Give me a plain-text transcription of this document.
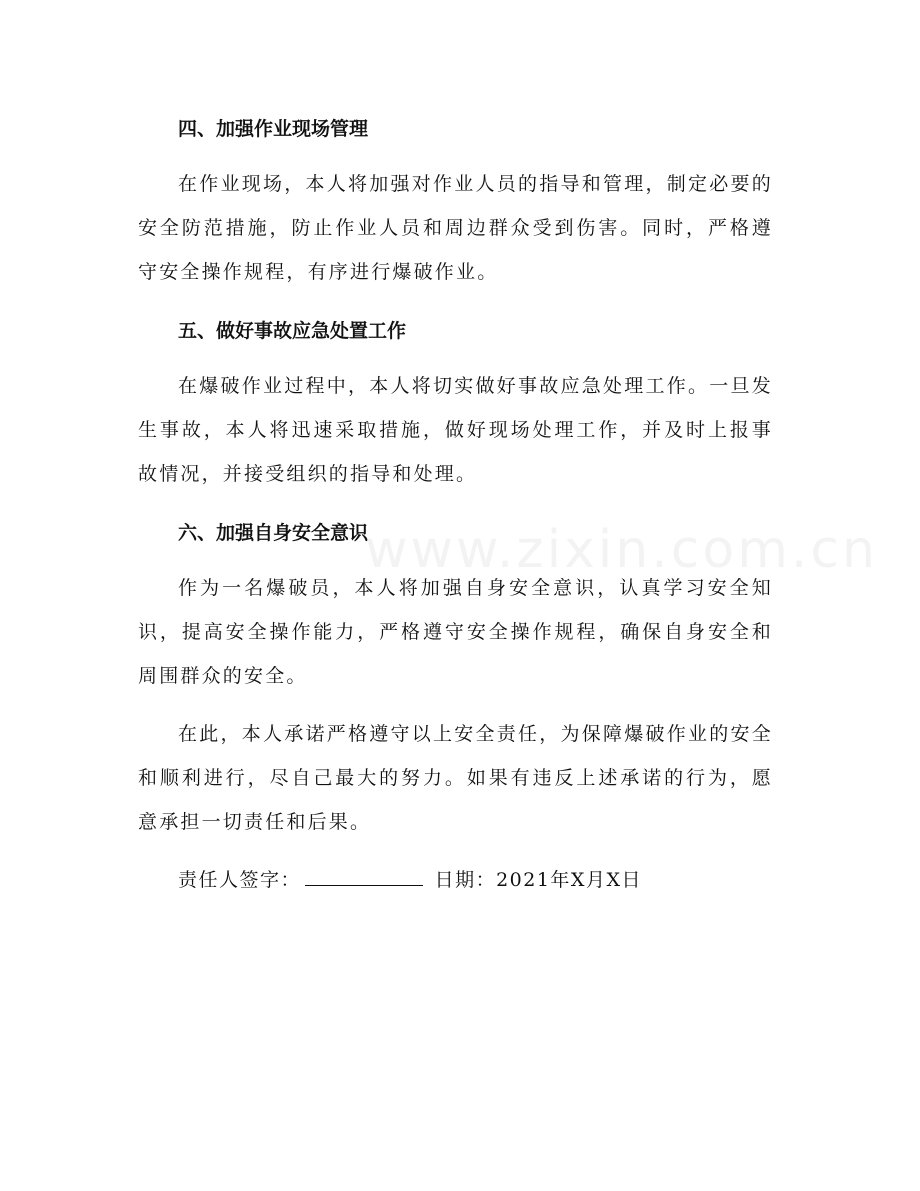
www.zixin.com.cn
四、加强作业现场管理

在作业现场，本人将加强对作业人员的指导和管理，制定必要的安全防范措施，防止作业人员和周边群众受到伤害。同时，严格遵守安全操作规程，有序进行爆破作业。

五、做好事故应急处置工作

在爆破作业过程中，本人将切实做好事故应急处理工作。一旦发生事故，本人将迅速采取措施，做好现场处理工作，并及时上报事故情况，并接受组织的指导和处理。

六、加强自身安全意识

作为一名爆破员，本人将加强自身安全意识，认真学习安全知识，提高安全操作能力，严格遵守安全操作规程，确保自身安全和周围群众的安全。

在此，本人承诺严格遵守以上安全责任，为保障爆破作业的安全和顺利进行，尽自己最大的努力。如果有违反上述承诺的行为，愿意承担一切责任和后果。

责任人签字：	日期：2021年X月X日
